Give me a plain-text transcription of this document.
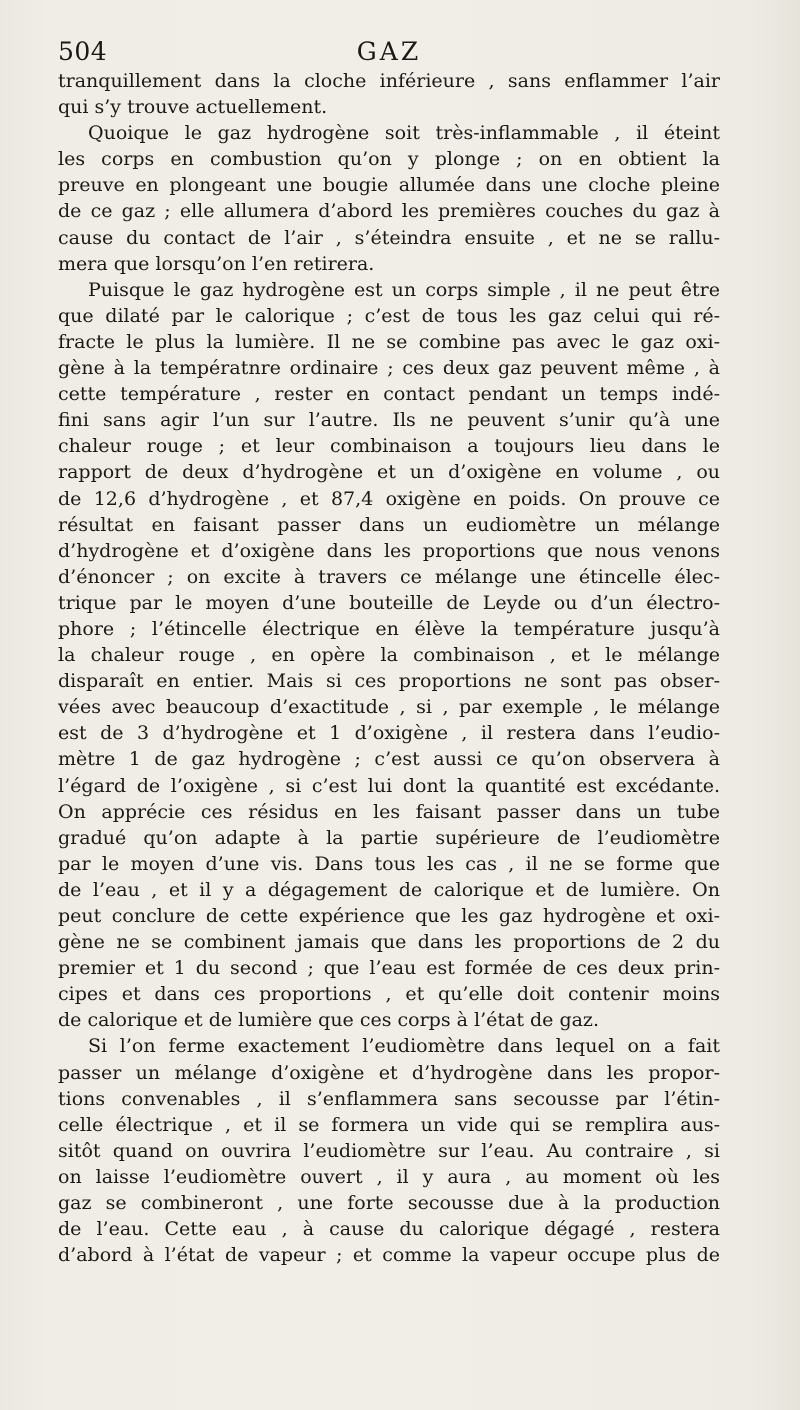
504	GAZ
tranquillement dans la cloche inférieure , sans enflammer l’air
qui s’y trouve actuellement.
Quoique le gaz hydrogène soit très-inflammable , il éteint
les corps en combustion qu’on y plonge ; on en obtient la
preuve en plongeant une bougie allumée dans une cloche pleine
de ce gaz ; elle allumera d’abord les premières couches du gaz à
cause du contact de l’air , s’éteindra ensuite , et ne se rallu-
mera que lorsqu’on l’en retirera.
Puisque le gaz hydrogène est un corps simple , il ne peut être
que dilaté par le calorique ; c’est de tous les gaz celui qui ré-
fracte le plus la lumière. Il ne se combine pas avec le gaz oxi-
gène à la températnre ordinaire ; ces deux gaz peuvent même , à
cette température , rester en contact pendant un temps indé-
fini sans agir l’un sur l’autre. Ils ne peuvent s’unir qu’à une
chaleur rouge ; et leur combinaison a toujours lieu dans le
rapport de deux d’hydrogène et un d’oxigène en volume , ou
de 12,6 d’hydrogène , et 87,4 oxigène en poids. On prouve ce
résultat en faisant passer dans un eudiomètre un mélange
d’hydrogène et d’oxigène dans les proportions que nous venons
d’énoncer ; on excite à travers ce mélange une étincelle élec-
trique par le moyen d’une bouteille de Leyde ou d’un électro-
phore ; l’étincelle électrique en élève la température jusqu’à
la chaleur rouge , en opère la combinaison , et le mélange
disparaît en entier. Mais si ces proportions ne sont pas obser-
vées avec beaucoup d’exactitude , si , par exemple , le mélange
est de 3 d’hydrogène et 1 d’oxigène , il restera dans l’eudio-
mètre 1 de gaz hydrogène ; c’est aussi ce qu’on observera à
l’égard de l’oxigène , si c’est lui dont la quantité est excédante.
On apprécie ces résidus en les faisant passer dans un tube
gradué qu’on adapte à la partie supérieure de l’eudiomètre
par le moyen d’une vis. Dans tous les cas , il ne se forme que
de l’eau , et il y a dégagement de calorique et de lumière. On
peut conclure de cette expérience que les gaz hydrogène et oxi-
gène ne se combinent jamais que dans les proportions de 2 du
premier et 1 du second ; que l’eau est formée de ces deux prin-
cipes et dans ces proportions , et qu’elle doit contenir moins
de calorique et de lumière que ces corps à l’état de gaz.
Si l’on ferme exactement l’eudiomètre dans lequel on a fait
passer un mélange d’oxigène et d’hydrogène dans les propor-
tions convenables , il s’enflammera sans secousse par l’étin-
celle électrique , et il se formera un vide qui se remplira aus-
sitôt quand on ouvrira l’eudiomètre sur l’eau. Au contraire , si
on laisse l’eudiomètre ouvert , il y aura , au moment où les
gaz se combineront , une forte secousse due à la production
de l’eau. Cette eau , à cause du calorique dégagé , restera
d’abord à l’état de vapeur ; et comme la vapeur occupe plus de
